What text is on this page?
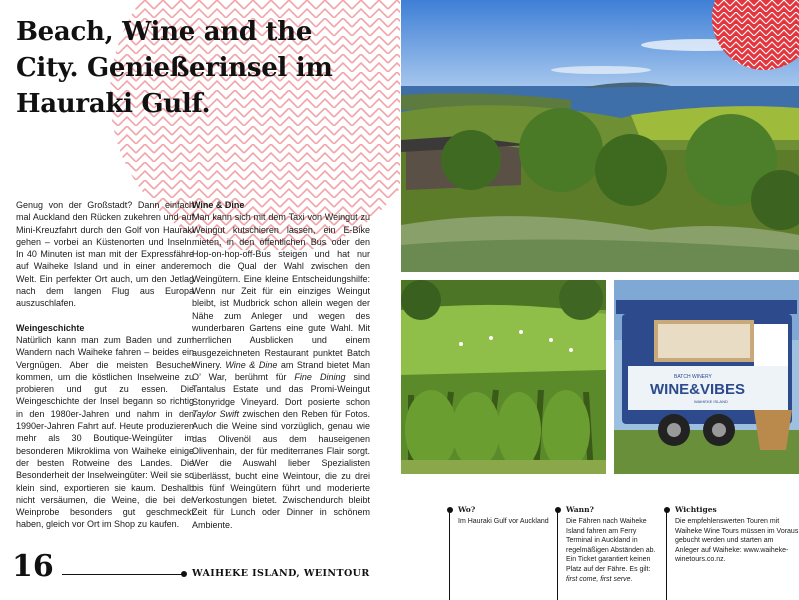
Beach, Wine and the City. Genießerinsel im Hauraki Gulf.

Genug von der Großstadt? Dann einfach mal Auckland den Rücken zukehren und auf Mini-Kreuzfahrt durch den Golf von Hauraki gehen – vorbei an Küstenorten und Inseln. In 40 Minuten ist man mit der Expressfähre auf Waiheke Island und in einer anderen Welt. Ein perfekter Ort auch, um den Jetlag nach dem langen Flug aus Europa auszuschlafen.

Weingeschichte

Natürlich kann man zum Baden und zum Wandern nach Waiheke fahren – beides ein Vergnügen. Aber die meisten Besucher kommen, um die köstlichen Inselweine zu probieren und gut zu essen. Die Weingeschichte der Insel begann so richtig in den 1980er-Jahren und nahm in den 1990er-Jahren Fahrt auf. Heute produzieren mehr als 30 Boutique-Weingüter im besonderen Mikroklima von Waiheke einige der besten Rotweine des Landes. Die Besonderheit der Inselweingüter: Weil sie so klein sind, exportieren sie kaum. Deshalb nicht versäumen, die Weine, die bei der Weinprobe besonders gut geschmeckt haben, gleich vor Ort im Shop zu kaufen.

Wine & Dine

Man kann sich mit dem Taxi von Weingut zu Weingut kutschieren lassen, ein E-Bike mieten, in den öffentlichen Bus oder den Hop-on-hop-off-Bus steigen und hat nur noch die Qual der Wahl zwischen den Weingütern. Eine kleine Entscheidungshilfe: Wenn nur Zeit für ein einziges Weingut bleibt, ist Mudbrick schon allein wegen der Nähe zum Anleger und wegen des wunderbaren Gartens eine gute Wahl. Mit herrlichen Ausblicken und einem ausgezeichneten Restaurant punktet Batch Winery. Wine & Dine am Strand bietet Man O’ War, berühmt für Fine Dining sind Tantalus Estate und das Promi-Weingut Stonyridge Vineyard. Dort posierte schon Taylor Swift zwischen den Reben für Fotos. Auch die Weine sind vorzüglich, genau wie das Olivenöl aus dem hauseigenen Olivenhain, der für mediterranes Flair sorgt. Wer die Auswahl lieber Spezialisten überlässt, bucht eine Weintour, die zu drei bis fünf Weingütern führt und moderierte Verkostungen bietet. Zwischendurch bleibt Zeit für Lunch oder Dinner in schönem Ambiente.

BATCH WINERY
WINE&VIBES
WAIHEKE ISLAND
16	WAIHEKE ISLAND, WEINTOUR
Wo?
Im Hauraki Gulf vor Auckland
Wann?
Die Fähren nach Waiheke Island fahren am Ferry Terminal in Auckland in regelmäßigen Abständen ab. Ein Ticket garantiert keinen Platz auf der Fähre. Es gilt: first come, first serve.
Wichtiges
Die empfehlenswerten Touren mit Waiheke Wine Tours müssen im Voraus gebucht werden und starten am Anleger auf Waiheke: www.waiheke-winetours.co.nz.
